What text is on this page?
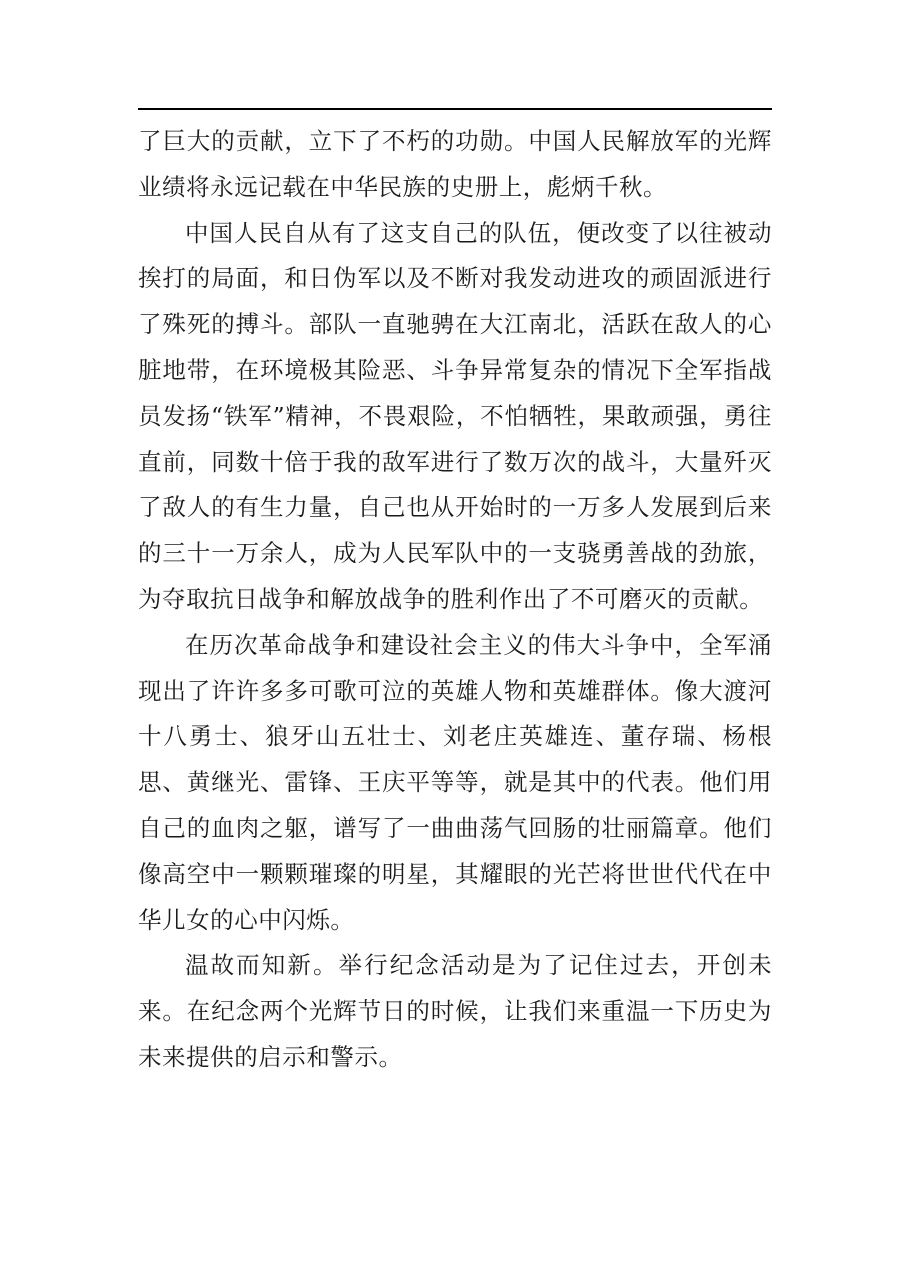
了巨大的贡献，立下了不朽的功勋。中国人民解放军的光辉业绩将永远记载在中华民族的史册上，彪炳千秋。

中国人民自从有了这支自己的队伍，便改变了以往被动挨打的局面，和日伪军以及不断对我发动进攻的顽固派进行了殊死的搏斗。部队一直驰骋在大江南北，活跃在敌人的心脏地带，在环境极其险恶、斗争异常复杂的情况下全军指战员发扬“铁军”精神，不畏艰险，不怕牺牲，果敢顽强，勇往直前，同数十倍于我的敌军进行了数万次的战斗，大量歼灭了敌人的有生力量，自己也从开始时的一万多人发展到后来的三十一万余人，成为人民军队中的一支骁勇善战的劲旅，为夺取抗日战争和解放战争的胜利作出了不可磨灭的贡献。

在历次革命战争和建设社会主义的伟大斗争中，全军涌现出了许许多多可歌可泣的英雄人物和英雄群体。像大渡河十八勇士、狼牙山五壮士、刘老庄英雄连、董存瑞、杨根思、黄继光、雷锋、王庆平等等，就是其中的代表。他们用自己的血肉之躯，谱写了一曲曲荡气回肠的壮丽篇章。他们像高空中一颗颗璀璨的明星，其耀眼的光芒将世世代代在中华儿女的心中闪烁。

温故而知新。举行纪念活动是为了记住过去，开创未来。在纪念两个光辉节日的时候，让我们来重温一下历史为未来提供的启示和警示。
